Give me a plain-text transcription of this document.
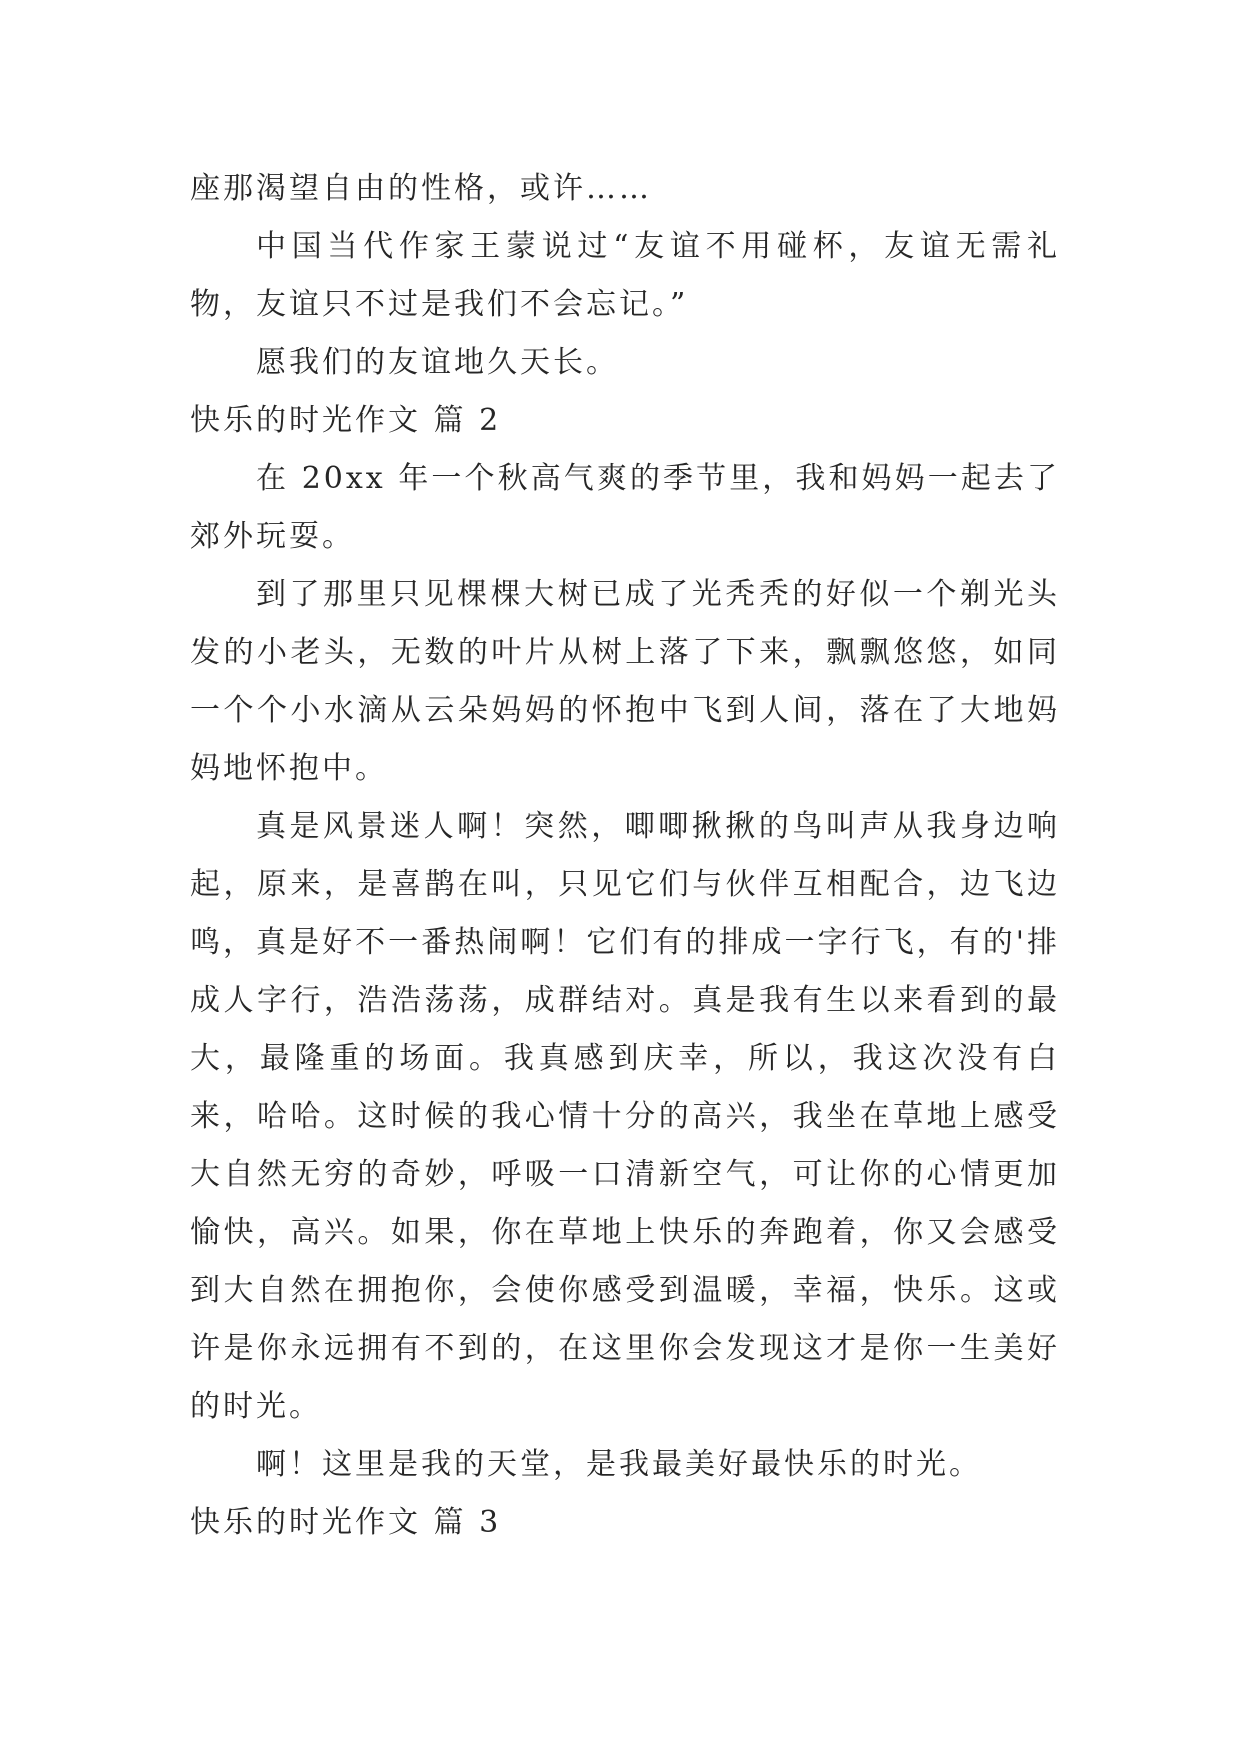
座那渴望自由的性格，或许……

中国当代作家王蒙说过“友谊不用碰杯，友谊无需礼物，友谊只不过是我们不会忘记。”

愿我们的友谊地久天长。

快乐的时光作文 篇 2

在 20xx 年一个秋高气爽的季节里，我和妈妈一起去了郊外玩耍。

到了那里只见棵棵大树已成了光秃秃的好似一个剃光头发的小老头，无数的叶片从树上落了下来，飘飘悠悠，如同一个个小水滴从云朵妈妈的怀抱中飞到人间，落在了大地妈妈地怀抱中。

真是风景迷人啊！突然，唧唧揪揪的鸟叫声从我身边响起，原来，是喜鹊在叫，只见它们与伙伴互相配合，边飞边鸣，真是好不一番热闹啊！它们有的排成一字行飞，有的'排成人字行，浩浩荡荡，成群结对。真是我有生以来看到的最大，最隆重的场面。我真感到庆幸，所以，我这次没有白来，哈哈。这时候的我心情十分的高兴，我坐在草地上感受大自然无穷的奇妙，呼吸一口清新空气，可让你的心情更加愉快，高兴。如果，你在草地上快乐的奔跑着，你又会感受到大自然在拥抱你，会使你感受到温暖，幸福，快乐。这或许是你永远拥有不到的，在这里你会发现这才是你一生美好的时光。

啊！这里是我的天堂，是我最美好最快乐的时光。

快乐的时光作文 篇 3
